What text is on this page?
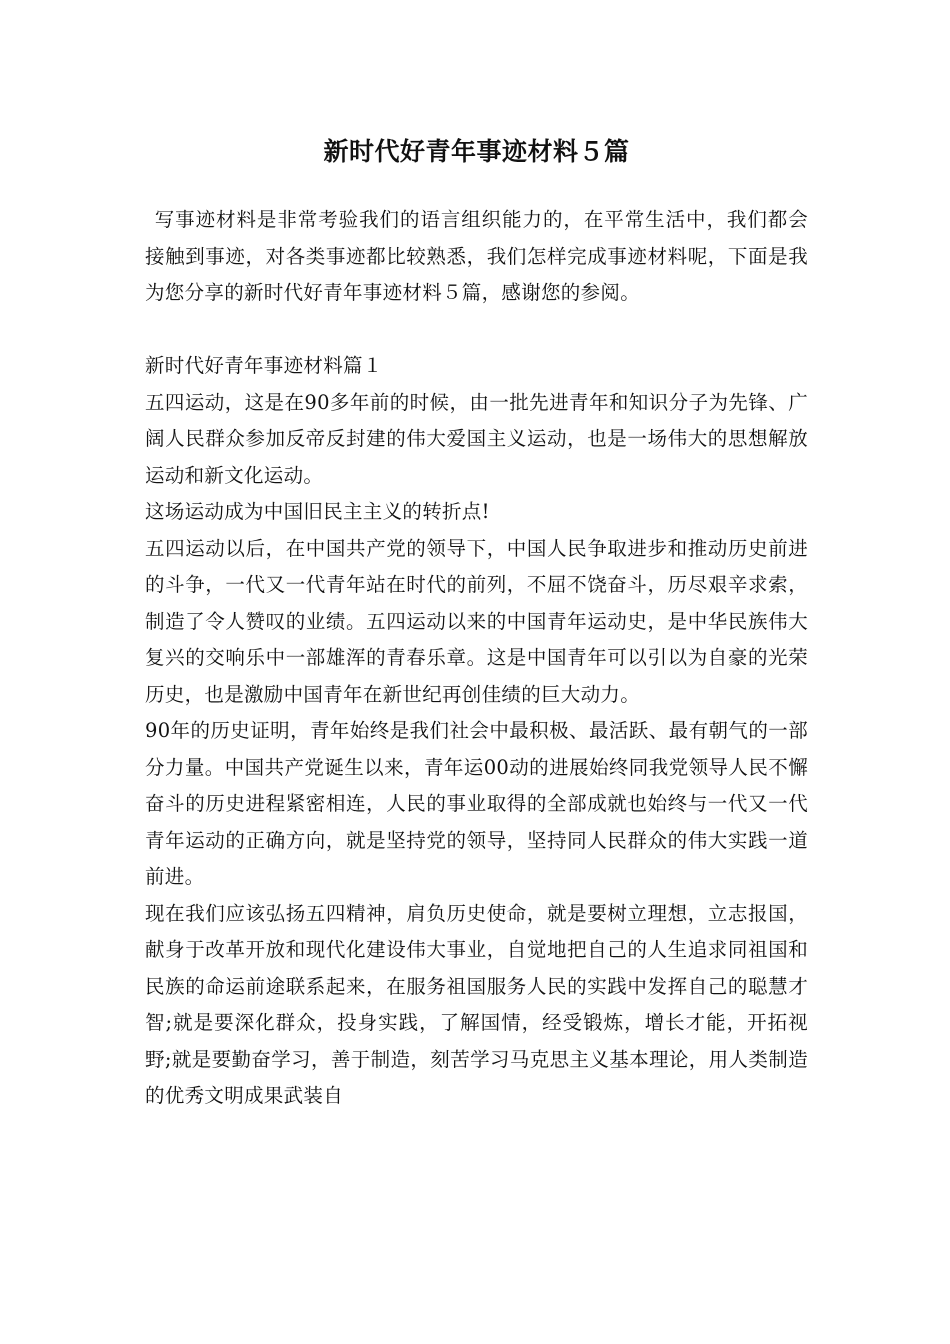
新时代好青年事迹材料５篇

写事迹材料是非常考验我们的语言组织能力的，在平常生活中，我们都会接触到事迹，对各类事迹都比较熟悉，我们怎样完成事迹材料呢，下面是我为您分享的新时代好青年事迹材料５篇，感谢您的参阅。

新时代好青年事迹材料篇１

五四运动，这是在90多年前的时候，由一批先进青年和知识分子为先锋、广阔人民群众参加反帝反封建的伟大爱国主义运动，也是一场伟大的思想解放运动和新文化运动。

这场运动成为中国旧民主主义的转折点!

五四运动以后，在中国共产党的领导下，中国人民争取进步和推动历史前进的斗争，一代又一代青年站在时代的前列，不屈不饶奋斗，历尽艰辛求索，制造了令人赞叹的业绩。五四运动以来的中国青年运动史，是中华民族伟大复兴的交响乐中一部雄浑的青春乐章。这是中国青年可以引以为自豪的光荣历史，也是激励中国青年在新世纪再创佳绩的巨大动力。

90年的历史证明，青年始终是我们社会中最积极、最活跃、最有朝气的一部分力量。中国共产党诞生以来，青年运00动的进展始终同我党领导人民不懈奋斗的历史进程紧密相连，人民的事业取得的全部成就也始终与一代又一代青年运动的正确方向，就是坚持党的领导，坚持同人民群众的伟大实践一道前进。

现在我们应该弘扬五四精神，肩负历史使命，就是要树立理想，立志报国，献身于改革开放和现代化建设伟大事业，自觉地把自己的人生追求同祖国和民族的命运前途联系起来，在服务祖国服务人民的实践中发挥自己的聪慧才智;就是要深化群众，投身实践，了解国情，经受锻炼，增长才能，开拓视野;就是要勤奋学习，善于制造，刻苦学习马克思主义基本理论，用人类制造的优秀文明成果武装自
